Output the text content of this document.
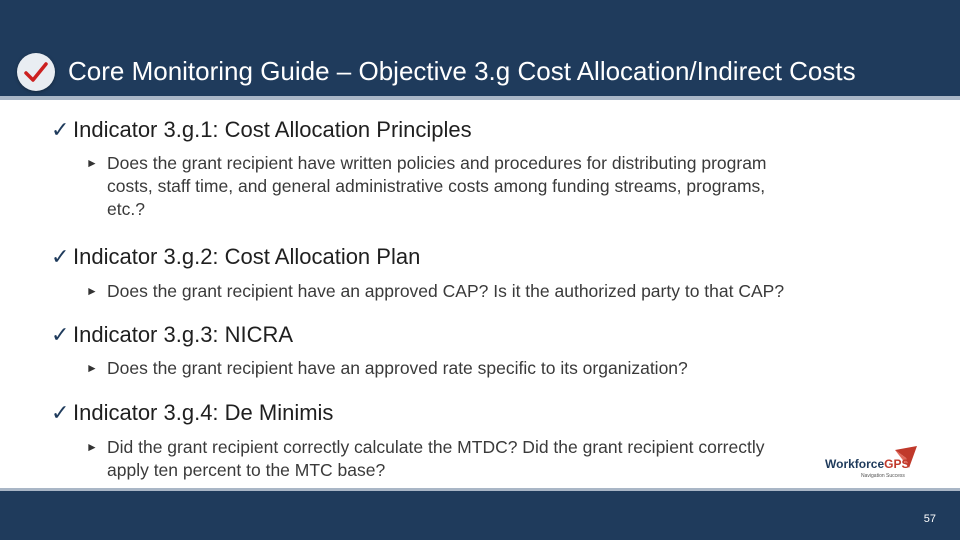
Core Monitoring Guide – Objective 3.g Cost Allocation/Indirect Costs
✓ Indicator 3.g.1: Cost Allocation Principles
► Does the grant recipient have written policies and procedures for distributing program
costs, staff time, and general administrative costs among funding streams, programs,
etc.?
✓ Indicator 3.g.2: Cost Allocation Plan
► Does the grant recipient have an approved CAP? Is it the authorized party to that CAP?
✓ Indicator 3.g.3: NICRA
► Does the grant recipient have an approved rate specific to its organization?
✓ Indicator 3.g.4: De Minimis
► Did the grant recipient correctly calculate the MTDC? Did the grant recipient correctly
apply ten percent to the MTC base?	WorkforceGPS
Navigation Success
57
